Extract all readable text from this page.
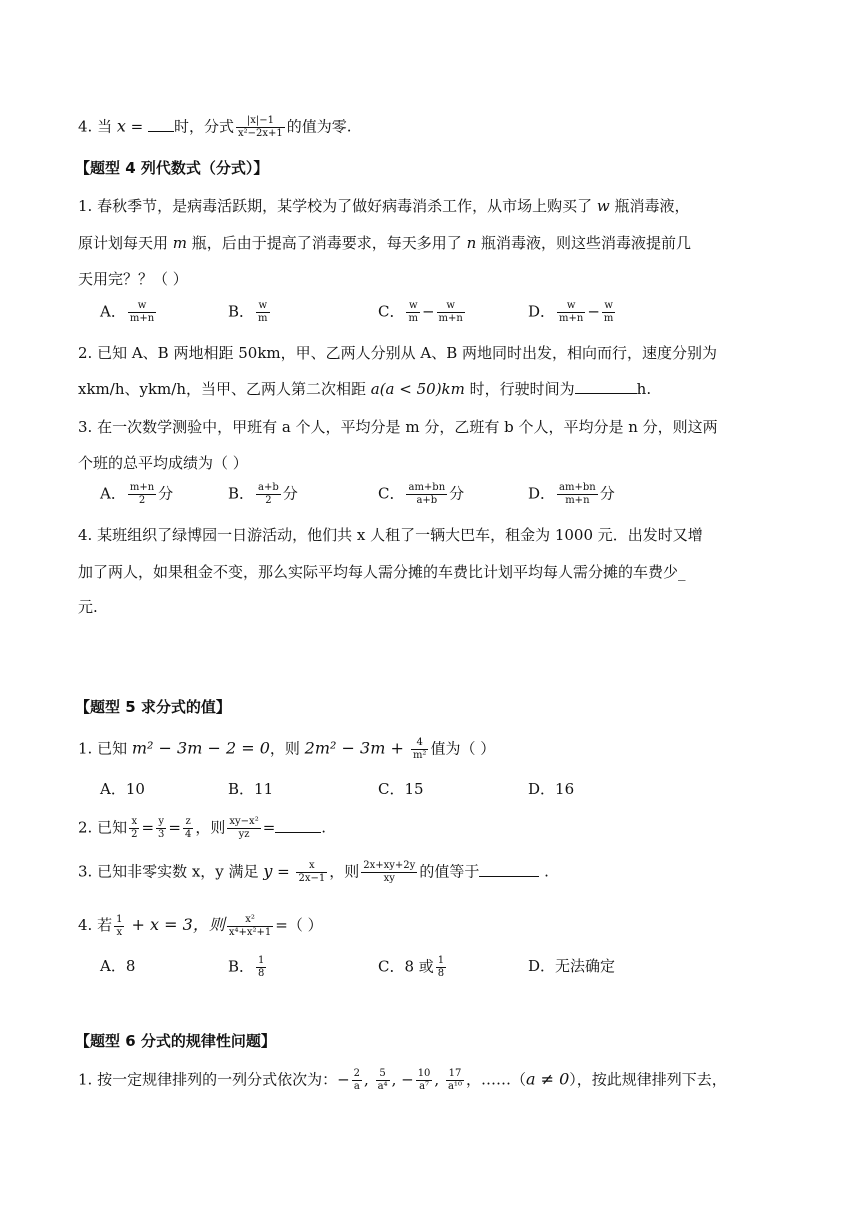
4. 当 x = 时，分式 $\frac{|x|-1}{\text{x²−2x+1}}$ 的值为零.
【题型 4 列代数式（分式）】
1. 春秋季节，是病毒活跃期，某学校为了做好病毒消杀工作，从市场上购买了 w 瓶消毒液，
原计划每天用 m 瓶，后由于提高了消毒要求，每天多用了 n 瓶消毒液，则这些消毒液提前几
天用完？？（ ）
A． $\frac{w}{m+n}$	B． $\frac{w}{m}$	C． $\frac{w}{m} - \frac{w}{m+n}$	D． $\frac{w}{m+n} - \frac{w}{m}$
2. 已知 A、B 两地相距 50km，甲、乙两人分别从 A、B 两地同时出发，相向而行，速度分别为
xkm/h、ykm/h，当甲、乙两人第二次相距 a(a < 50)km 时，行驶时间为	h.
3. 在一次数学测验中，甲班有 a 个人，平均分是 m 分，乙班有 b 个人，平均分是 n 分，则这两
个班的总平均成绩为（ ）
A． $\frac{m+n}{2}$ 分	B． $\frac{a+b}{2}$ 分	C． $\frac{am+bn}{a+b}$ 分	D． $\frac{am+bn}{m+n}$ 分
4. 某班组织了绿博园一日游活动，他们共 x 人租了一辆大巴车，租金为 1000 元．出发时又增
加了两人，如果租金不变，那么实际平均每人需分摊的车费比计划平均每人需分摊的车费少_
元.
【题型 5 求分式的值】
1. 已知 m² − 3m − 2 = 0，则 $2m^2 - 3m + \frac{4}{\text{m²}}$ 值为（ ）
A．10	B．11	C．15	D．16
2. 已知 $\frac{x}{2} = \frac{y}{3} = \frac{z}{4}$ ，则 $\frac{\text{xy−x²}}{yz}$ =	.
3. 已知非零实数 x，y 满足 $y = \frac{x}{2x-1}$ ，则 $\frac{2x+xy+2y}{xy}$ 的值等于	.
4. 若 $\frac{1}{x} + x = 3$，则 $\frac{\text{x²}}{\text{x⁴+x²+1}}$ =（ ）
A．8	B． $\frac{1}{8}$	C．8 或 $\frac{1}{8}$	D．无法确定
【题型 6 分式的规律性问题】
1. 按一定规律排列的一列分式依次为：− $\frac{2}{a}$ , $\frac{5}{\text{a⁴}}$ , − $\frac{10}{\text{a⁷}}$ , $\frac{17}{\text{a¹⁰}}$ ，……（a ≠ 0），按此规律排列下去，
